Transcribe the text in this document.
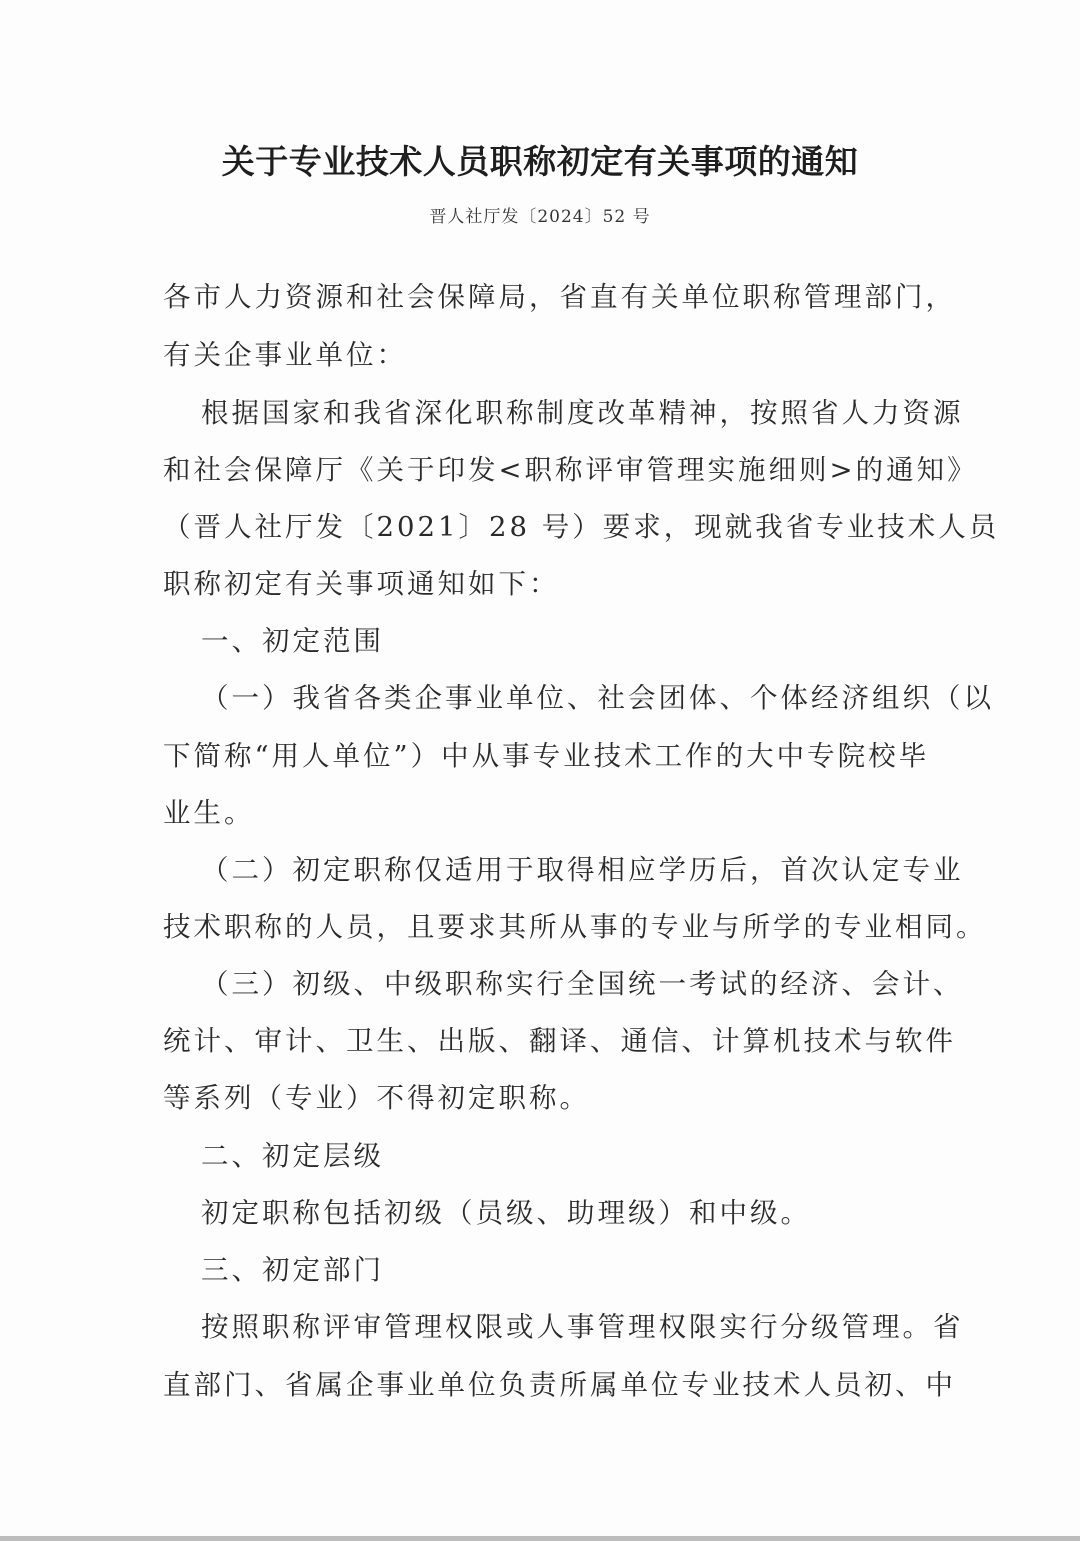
关于专业技术人员职称初定有关事项的通知
晋人社厅发〔2024〕52 号
各市人力资源和社会保障局，省直有关单位职称管理部门，
有关企事业单位：
根据国家和我省深化职称制度改革精神，按照省人力资源
和社会保障厅《关于印发<职称评审管理实施细则>的通知》
（晋人社厅发〔2021〕28 号）要求，现就我省专业技术人员
职称初定有关事项通知如下：
一、初定范围
（一）我省各类企事业单位、社会团体、个体经济组织（以
下简称“用人单位”）中从事专业技术工作的大中专院校毕
业生。
（二）初定职称仅适用于取得相应学历后，首次认定专业
技术职称的人员，且要求其所从事的专业与所学的专业相同。
（三）初级、中级职称实行全国统一考试的经济、会计、
统计、审计、卫生、出版、翻译、通信、计算机技术与软件
等系列（专业）不得初定职称。
二、初定层级
初定职称包括初级（员级、助理级）和中级。
三、初定部门
按照职称评审管理权限或人事管理权限实行分级管理。省
直部门、省属企事业单位负责所属单位专业技术人员初、中
